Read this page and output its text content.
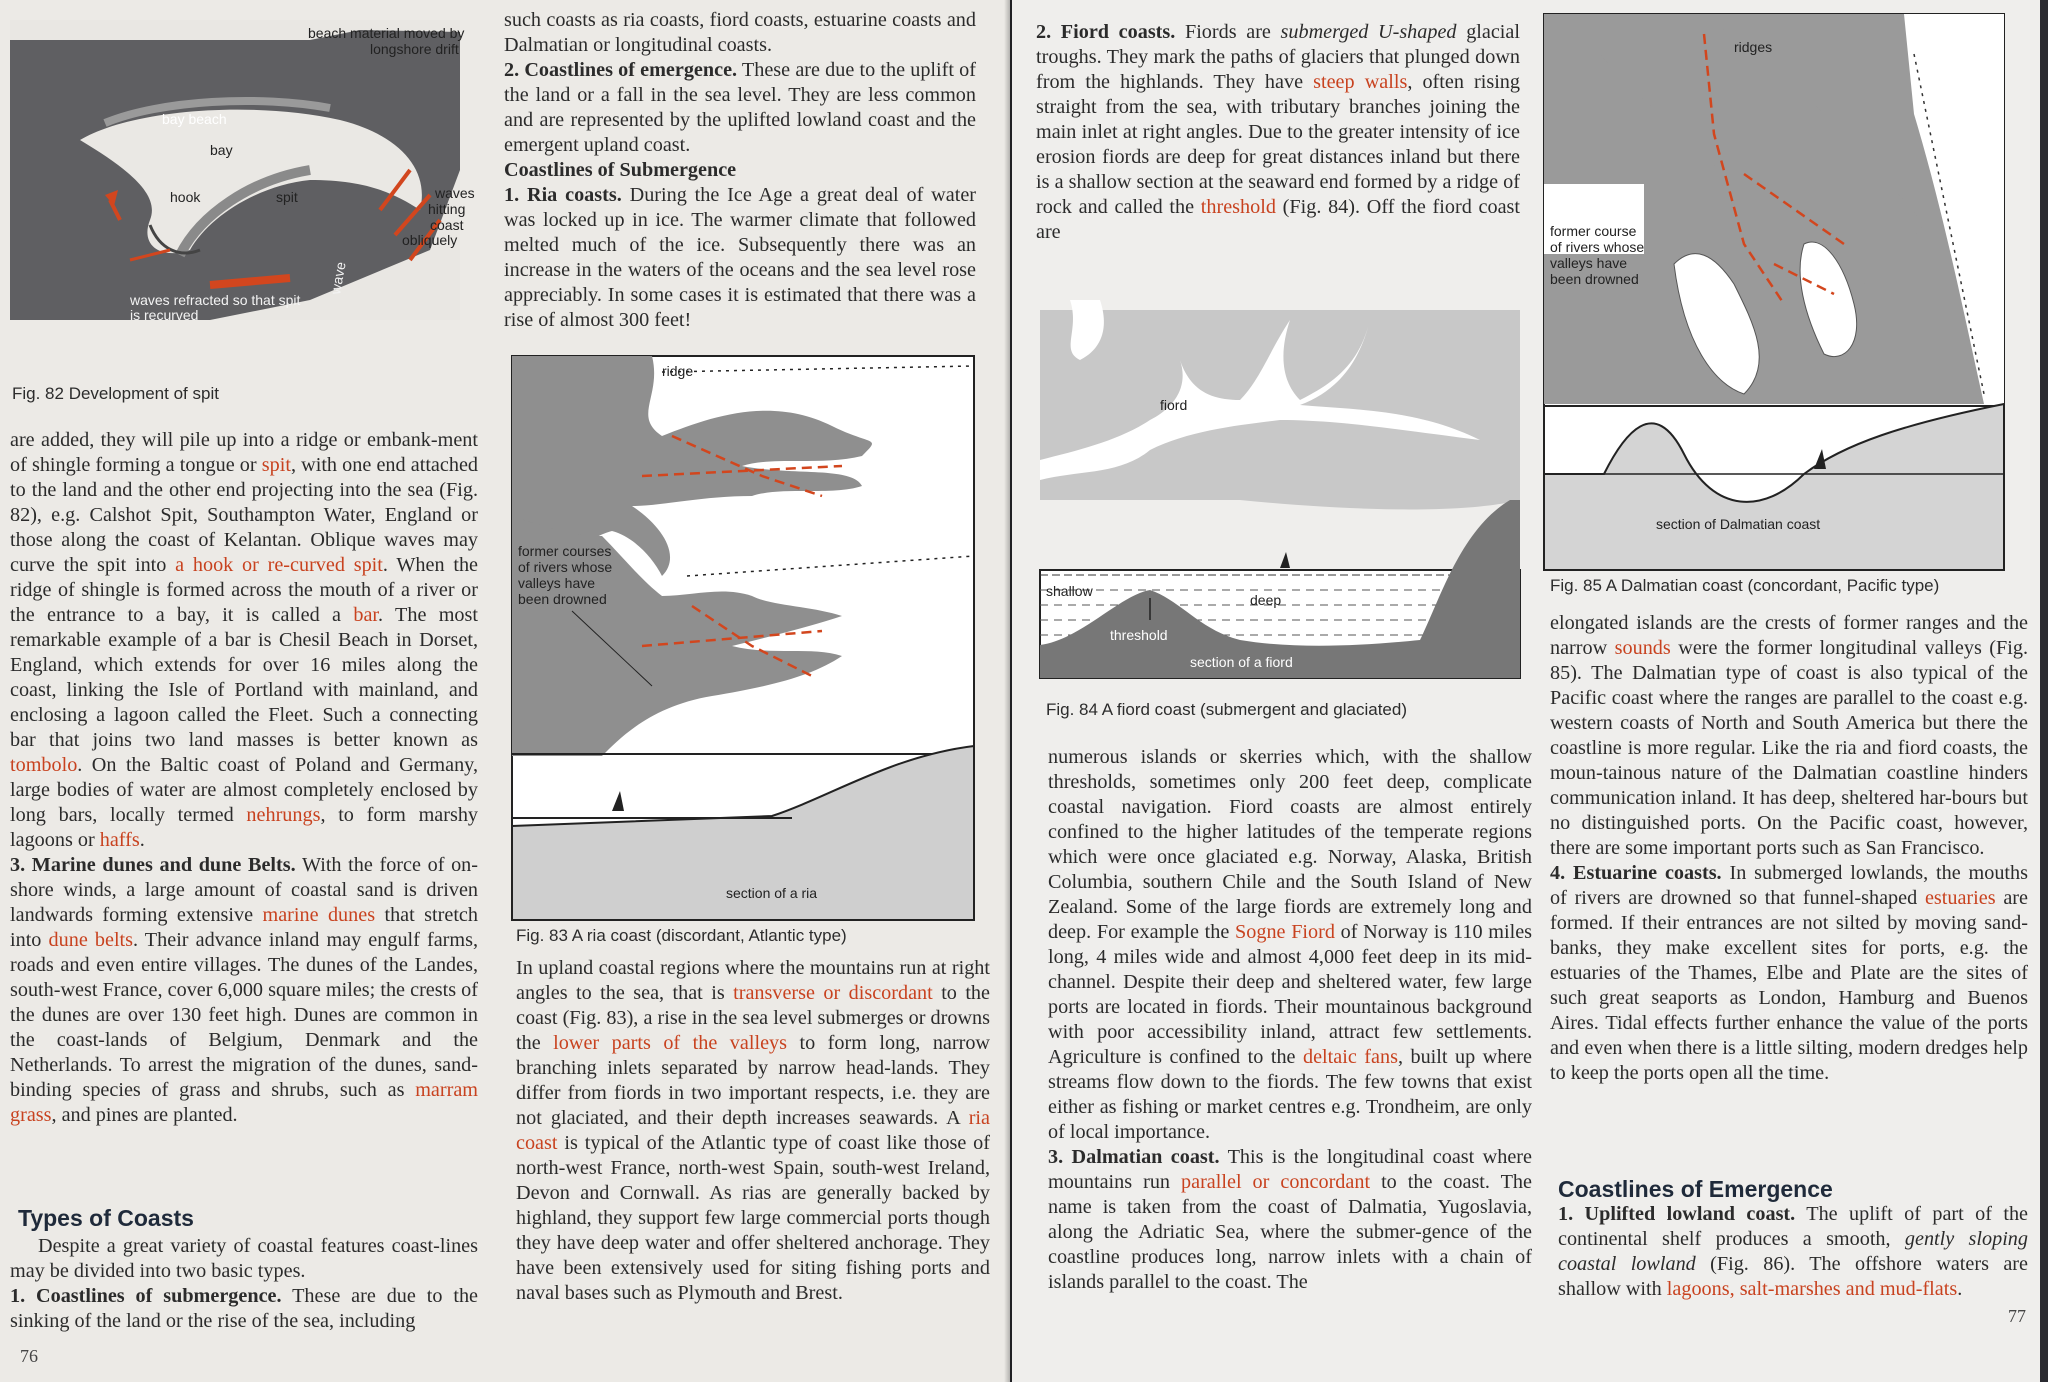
beach material moved by
longshore drift
bay beach
bay
hook	spit	waves
hitting
coast
obliquely
waves refracted so that spit
is recurved
wave
Fig. 82 Development of spit

are added, they will pile up into a ridge or embank-ment of shingle forming a tongue or spit, with one end attached to the land and the other end projecting into the sea (Fig. 82), e.g. Calshot Spit, Southampton Water, England or those along the coast of Kelantan. Oblique waves may curve the spit into a hook or re-curved spit. When the ridge of shingle is formed across the mouth of a river or the entrance to a bay, it is called a bar. The most remarkable example of a bar is Chesil Beach in Dorset, England, which extends for over 16 miles along the coast, linking the Isle of Portland with mainland, and enclosing a lagoon called the Fleet. Such a connecting bar that joins two land masses is better known as tombolo. On the Baltic coast of Poland and Germany, large bodies of water are almost completely enclosed by long bars, locally termed nehrungs, to form marshy lagoons or haffs.

3. Marine dunes and dune Belts. With the force of on-shore winds, a large amount of coastal sand is driven landwards forming extensive marine dunes that stretch into dune belts. Their advance inland may engulf farms, roads and even entire villages. The dunes of the Landes, south-west France, cover 6,000 square miles; the crests of the dunes are over 130 feet high. Dunes are common in the coast-lands of Belgium, Denmark and the Netherlands. To arrest the migration of the dunes, sand-binding species of grass and shrubs, such as marram grass, and pines are planted.

Types of Coasts

Despite a great variety of coastal features coast-lines may be divided into two basic types.

1. Coastlines of submergence. These are due to the sinking of the land or the rise of the sea, including

76

such coasts as ria coasts, fiord coasts, estuarine coasts and Dalmatian or longitudinal coasts.

2. Coastlines of emergence. These are due to the uplift of the land or a fall in the sea level. They are less common and are represented by the uplifted lowland coast and the emergent upland coast.

Coastlines of Submergence

1. Ria coasts. During the Ice Age a great deal of water was locked up in ice. The warmer climate that followed melted much of the ice. Subsequently there was an increase in the waters of the oceans and the sea level rose appreciably. In some cases it is estimated that there was a rise of almost 300 feet!

ridge
former courses
of rivers whose
valleys have
been drowned
section of a ria
Fig. 83 A ria coast (discordant, Atlantic type)

In upland coastal regions where the mountains run at right angles to the sea, that is transverse or discordant to the coast (Fig. 83), a rise in the sea level submerges or drowns the lower parts of the valleys to form long, narrow branching inlets separated by narrow head-lands. They differ from fiords in two important respects, i.e. they are not glaciated, and their depth increases seawards. A ria coast is typical of the Atlantic type of coast like those of north-west France, north-west Spain, south-west Ireland, Devon and Cornwall. As rias are generally backed by highland, they support few large commercial ports though they have deep water and offer sheltered anchorage. They have been extensively used for siting fishing ports and naval bases such as Plymouth and Brest.

2. Fiord coasts. Fiords are submerged U-shaped glacial troughs. They mark the paths of glaciers that plunged down from the highlands. They have steep walls, often rising straight from the sea, with tributary branches joining the main inlet at right angles. Due to the greater intensity of ice erosion fiords are deep for great distances inland but there is a shallow section at the seaward end formed by a ridge of rock and called the threshold (Fig. 84). Off the fiord coast are

fiord
shallow
deep
threshold
section of a fiord
Fig. 84 A fiord coast (submergent and glaciated)

numerous islands or skerries which, with the shallow thresholds, sometimes only 200 feet deep, complicate coastal navigation. Fiord coasts are almost entirely confined to the higher latitudes of the temperate regions which were once glaciated e.g. Norway, Alaska, British Columbia, southern Chile and the South Island of New Zealand. Some of the large fiords are extremely long and deep. For example the Sogne Fiord of Norway is 110 miles long, 4 miles wide and almost 4,000 feet deep in its mid-channel. Despite their deep and sheltered water, few large ports are located in fiords. Their mountainous background with poor accessibility inland, attract few settlements. Agriculture is confined to the deltaic fans, built up where streams flow down to the fiords. The few towns that exist either as fishing or market centres e.g. Trondheim, are only of local importance.

3. Dalmatian coast. This is the longitudinal coast where mountains run parallel or concordant to the coast. The name is taken from the coast of Dalmatia, Yugoslavia, along the Adriatic Sea, where the submer-gence of the coastline produces long, narrow inlets with a chain of islands parallel to the coast. The

ridges
former course
of rivers whose
valleys have
been drowned
section of Dalmatian coast
Fig. 85 A Dalmatian coast (concordant, Pacific type)

elongated islands are the crests of former ranges and the narrow sounds were the former longitudinal valleys (Fig. 85). The Dalmatian type of coast is also typical of the Pacific coast where the ranges are parallel to the coast e.g. western coasts of North and South America but there the coastline is more regular. Like the ria and fiord coasts, the moun-tainous nature of the Dalmatian coastline hinders communication inland. It has deep, sheltered har-bours but no distinguished ports. On the Pacific coast, however, there are some important ports such as San Francisco.

4. Estuarine coasts. In submerged lowlands, the mouths of rivers are drowned so that funnel-shaped estuaries are formed. If their entrances are not silted by moving sand-banks, they make excellent sites for ports, e.g. the estuaries of the Thames, Elbe and Plate are the sites of such great seaports as London, Hamburg and Buenos Aires. Tidal effects further enhance the value of the ports and even when there is a little silting, modern dredges help to keep the ports open all the time.

Coastlines of Emergence

1. Uplifted lowland coast. The uplift of part of the continental shelf produces a smooth, gently sloping coastal lowland (Fig. 86). The offshore waters are shallow with lagoons, salt-marshes and mud-flats.

77
